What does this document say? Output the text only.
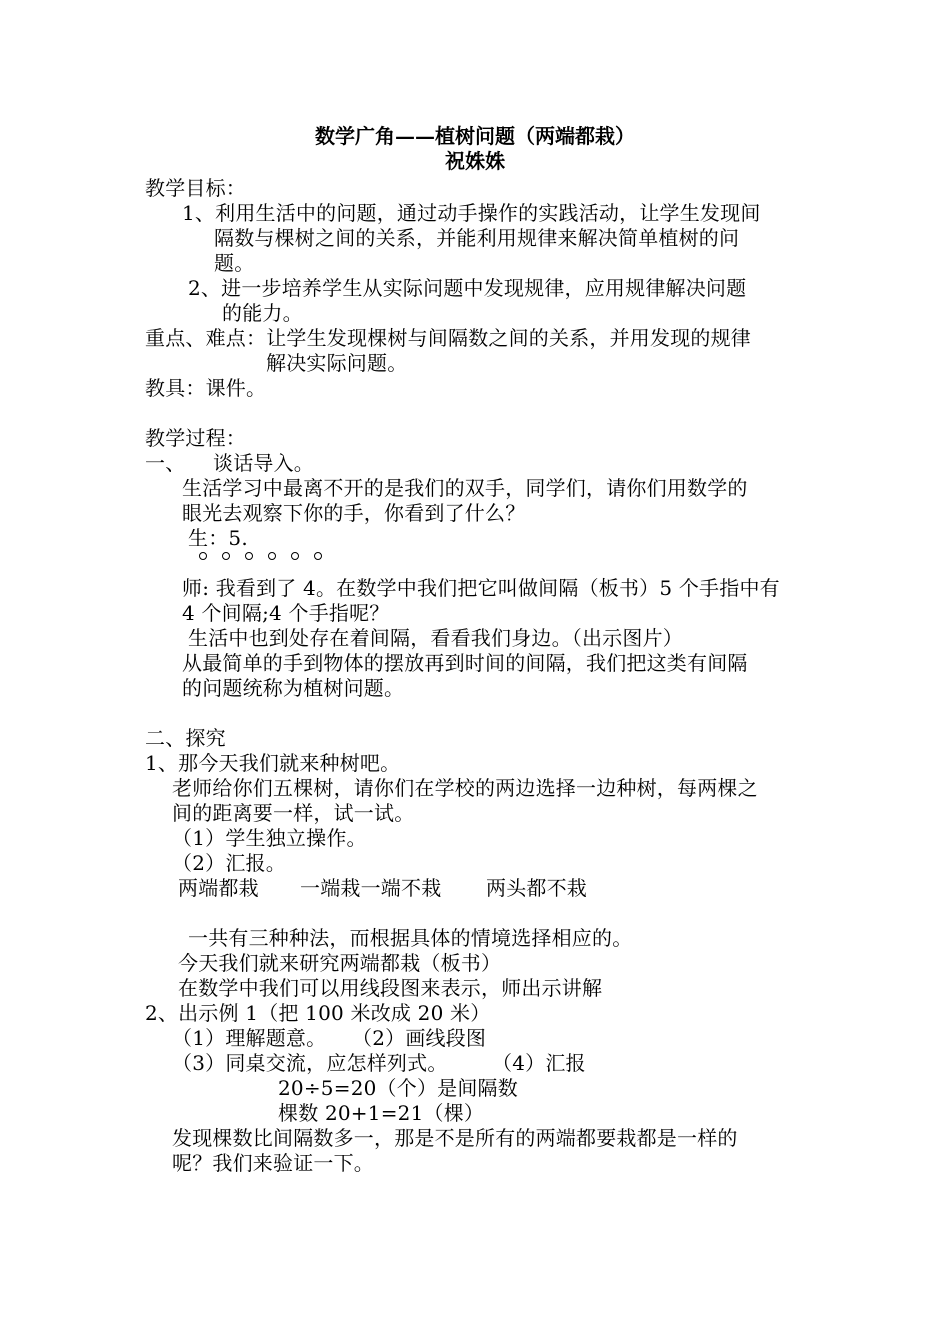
数学广角——植树问题（两端都栽）
祝姝姝
教学目标：
1、利用生活中的问题，通过动手操作的实践活动，让学生发现间
隔数与棵树之间的关系，并能利用规律来解决简单植树的问
题。
2、进一步培养学生从实际问题中发现规律，应用规律解决问题
的能力。
重点、难点：让学生发现棵树与间隔数之间的关系，并用发现的规律
解决实际问题。
教具：课件。
教学过程：
一、 谈话导入。
生活学习中最离不开的是我们的双手，同学们，请你们用数学的
眼光去观察下你的手，你看到了什么？
生：5.
师: 我看到了 4。在数学中我们把它叫做间隔（板书）5 个手指中有
4 个间隔;4 个手指呢？
生活中也到处存在着间隔，看看我们身边。（出示图片）
从最简单的手到物体的摆放再到时间的间隔，我们把这类有间隔
的问题统称为植树问题。
二、探究
1、那今天我们就来种树吧。
老师给你们五棵树，请你们在学校的两边选择一边种树，每两棵之
间的距离要一样，试一试。
（1）学生独立操作。
（2）汇报。
两端都栽 一端栽一端不栽 两头都不栽
一共有三种种法，而根据具体的情境选择相应的。
今天我们就来研究两端都栽（板书）
在数学中我们可以用线段图来表示，师出示讲解
2、出示例 1（把 100 米改成 20 米）
（1）理解题意。 （2）画线段图
（3）同桌交流，应怎样列式。 （4）汇报
20÷5=20（个）是间隔数
棵数 20+1=21（棵）
发现棵数比间隔数多一，那是不是所有的两端都要栽都是一样的
呢？我们来验证一下。
